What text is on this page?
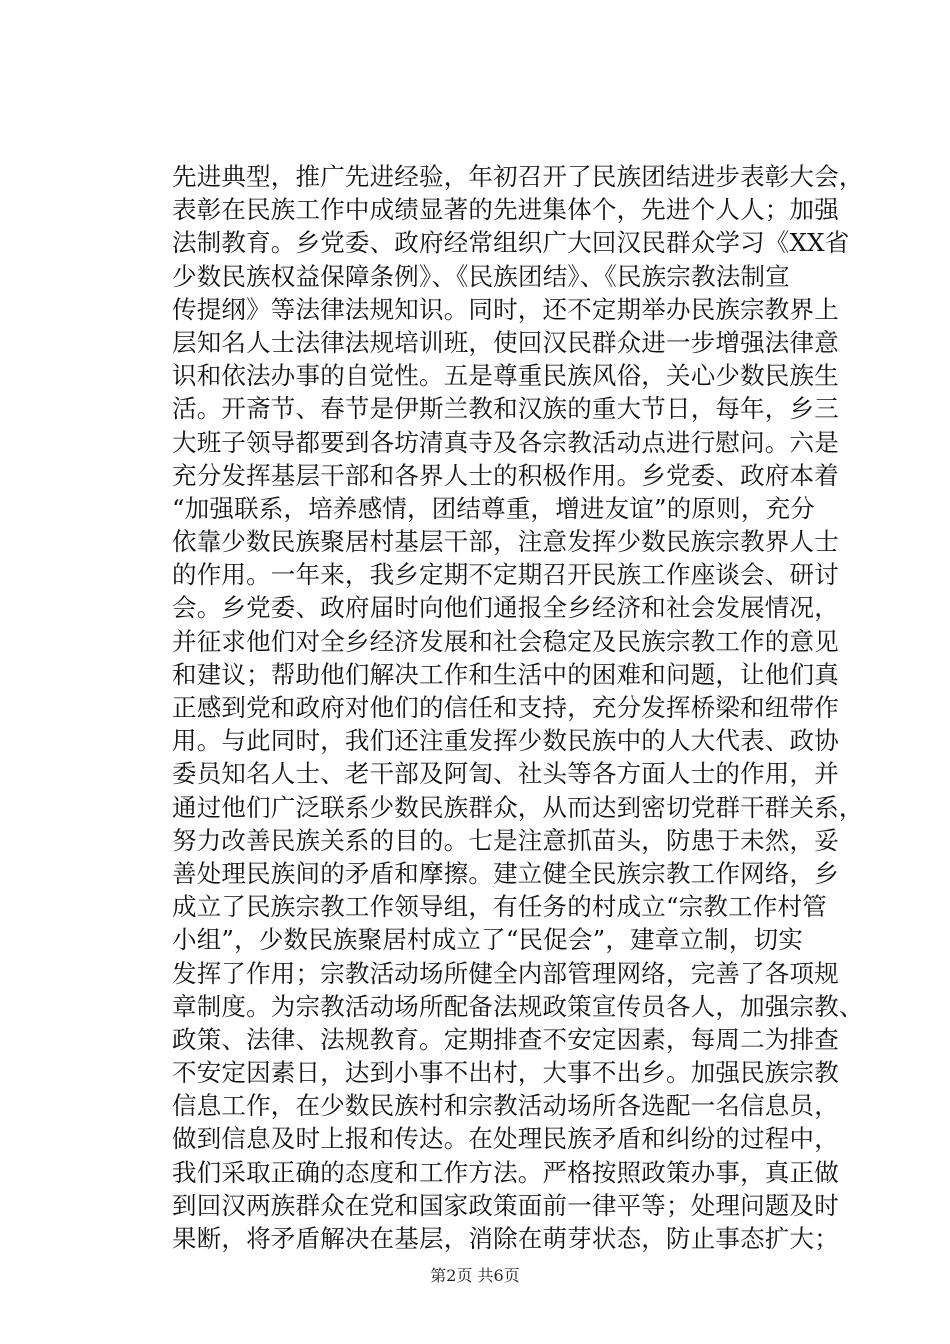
先进典型，推广先进经验，年初召开了民族团结进步表彰大会，
表彰在民族工作中成绩显著的先进集体个，先进个人人；加强
法制教育。乡党委、政府经常组织广大回汉民群众学习《XX省
少数民族权益保障条例》、《民族团结》、《民族宗教法制宣
传提纲》等法律法规知识。同时，还不定期举办民族宗教界上
层知名人士法律法规培训班，使回汉民群众进一步增强法律意
识和依法办事的自觉性。五是尊重民族风俗，关心少数民族生
活。开斋节、春节是伊斯兰教和汉族的重大节日，每年，乡三
大班子领导都要到各坊清真寺及各宗教活动点进行慰问。六是
充分发挥基层干部和各界人士的积极作用。乡党委、政府本着
“加强联系，培养感情，团结尊重，增进友谊”的原则，充分
依靠少数民族聚居村基层干部，注意发挥少数民族宗教界人士
的作用。一年来，我乡定期不定期召开民族工作座谈会、研讨
会。乡党委、政府届时向他们通报全乡经济和社会发展情况，
并征求他们对全乡经济发展和社会稳定及民族宗教工作的意见
和建议；帮助他们解决工作和生活中的困难和问题，让他们真
正感到党和政府对他们的信任和支持，充分发挥桥梁和纽带作
用。与此同时，我们还注重发挥少数民族中的人大代表、政协
委员知名人士、老干部及阿訇、社头等各方面人士的作用，并
通过他们广泛联系少数民族群众，从而达到密切党群干群关系，
努力改善民族关系的目的。七是注意抓苗头，防患于未然，妥
善处理民族间的矛盾和摩擦。建立健全民族宗教工作网络，乡
成立了民族宗教工作领导组，有任务的村成立“宗教工作村管
小组”，少数民族聚居村成立了“民促会”，建章立制，切实
发挥了作用；宗教活动场所健全内部管理网络，完善了各项规
章制度。为宗教活动场所配备法规政策宣传员各人，加强宗教、
政策、法律、法规教育。定期排查不安定因素，每周二为排查
不安定因素日，达到小事不出村，大事不出乡。加强民族宗教
信息工作，在少数民族村和宗教活动场所各选配一名信息员，
做到信息及时上报和传达。在处理民族矛盾和纠纷的过程中，
我们采取正确的态度和工作方法。严格按照政策办事，真正做
到回汉两族群众在党和国家政策面前一律平等；处理问题及时
果断，将矛盾解决在基层，消除在萌芽状态，防止事态扩大；
第2页 共6页
